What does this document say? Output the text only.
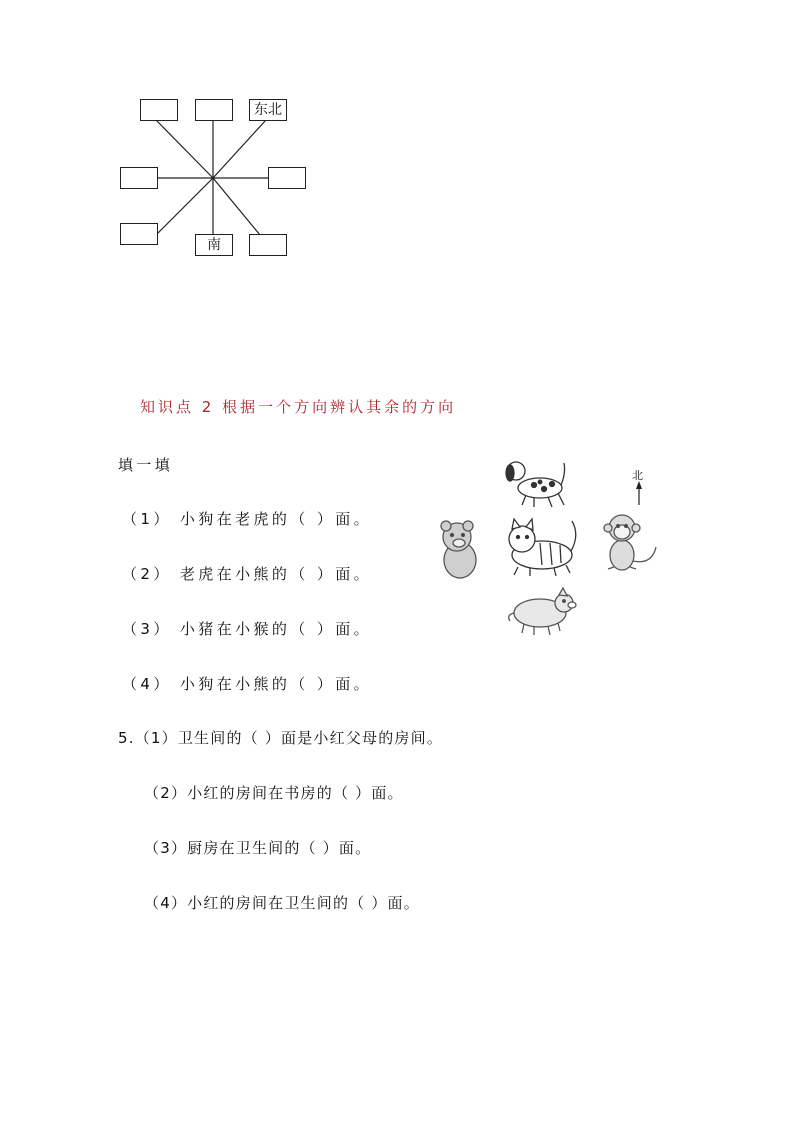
东北
南
知识点 2 根据一个方向辨认其余的方向
填一填
（1） 小狗在老虎的（ ）面。
（2） 老虎在小熊的（ ）面。
（3） 小猪在小猴的（ ）面。
（4） 小狗在小熊的（ ）面。
北
5.（1）卫生间的（ ）面是小红父母的房间。
（2）小红的房间在书房的（ ）面。
（3）厨房在卫生间的（ ）面。
（4）小红的房间在卫生间的（ ）面。
